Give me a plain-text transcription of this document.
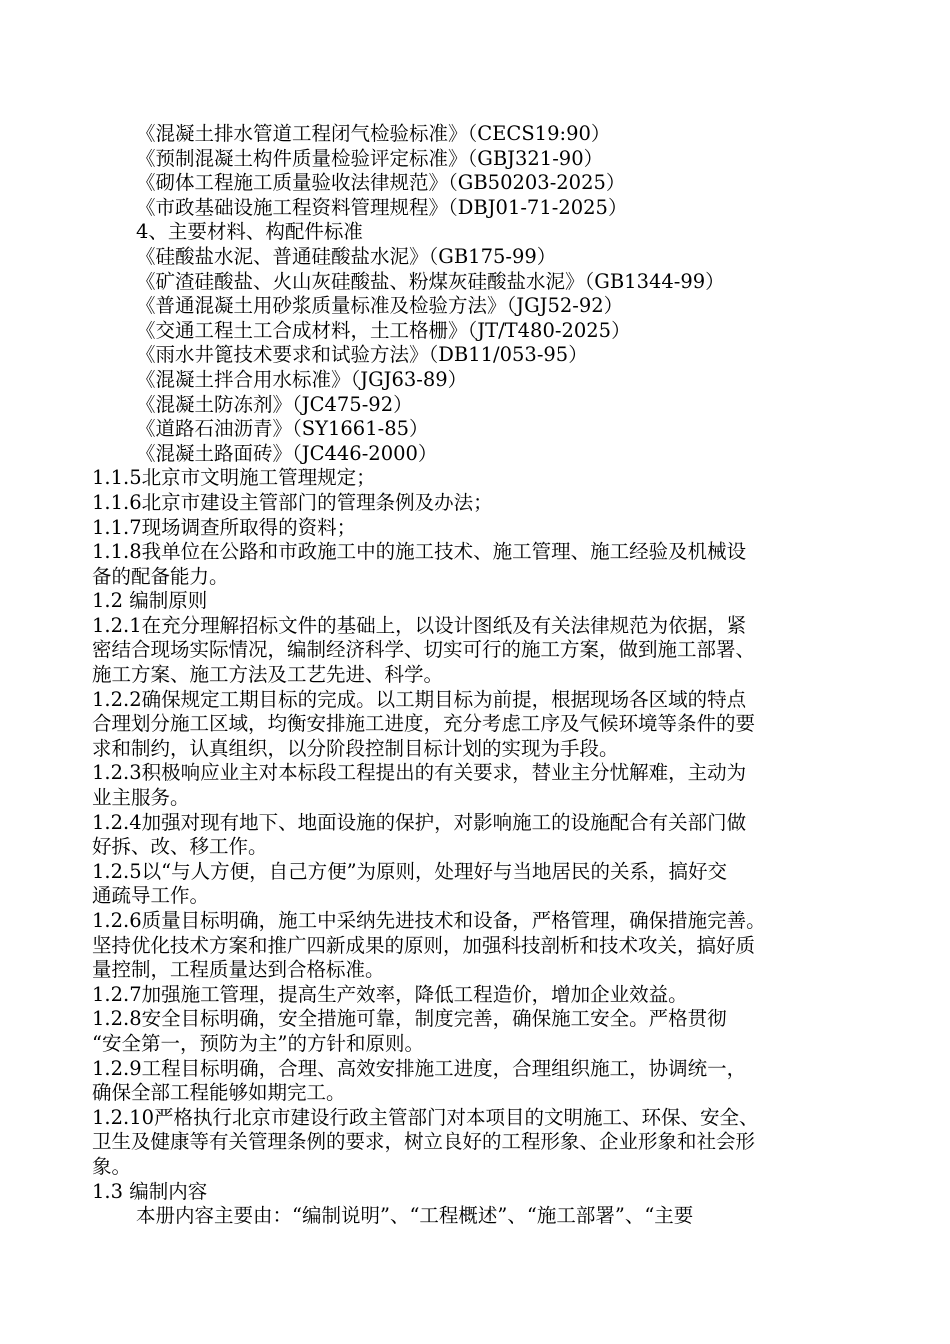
《混凝土排水管道工程闭气检验标准》（CECS19:90）
《预制混凝土构件质量检验评定标准》（GBJ321-90）
《砌体工程施工质量验收法律规范》（GB50203-2025）
《市政基础设施工程资料管理规程》（DBJ01-71-2025）
4、主要材料、构配件标准
《硅酸盐水泥、普通硅酸盐水泥》（GB175-99）
《矿渣硅酸盐、火山灰硅酸盐、粉煤灰硅酸盐水泥》（GB1344-99）
《普通混凝土用砂浆质量标准及检验方法》（JGJ52-92）
《交通工程土工合成材料，土工格栅》（JT/T480-2025）
《雨水井篦技术要求和试验方法》（DB11/053-95）
《混凝土拌合用水标准》（JGJ63-89）
《混凝土防冻剂》（JC475-92）
《道路石油沥青》（SY1661-85）
《混凝土路面砖》（JC446-2000）
1.1.5北京市文明施工管理规定；
1.1.6北京市建设主管部门的管理条例及办法；
1.1.7现场调查所取得的资料；
1.1.8我单位在公路和市政施工中的施工技术、施工管理、施工经验及机械设
备的配备能力。
1.2 编制原则
1.2.1在充分理解招标文件的基础上，以设计图纸及有关法律规范为依据，紧
密结合现场实际情况，编制经济科学、切实可行的施工方案，做到施工部署、
施工方案、施工方法及工艺先进、科学。
1.2.2确保规定工期目标的完成。以工期目标为前提，根据现场各区域的特点
合理划分施工区域，均衡安排施工进度，充分考虑工序及气候环境等条件的要
求和制约，认真组织，以分阶段控制目标计划的实现为手段。
1.2.3积极响应业主对本标段工程提出的有关要求，替业主分忧解难，主动为
业主服务。
1.2.4加强对现有地下、地面设施的保护，对影响施工的设施配合有关部门做
好拆、改、移工作。
1.2.5以“与人方便，自己方便”为原则，处理好与当地居民的关系，搞好交
通疏导工作。
1.2.6质量目标明确，施工中采纳先进技术和设备，严格管理，确保措施完善。
坚持优化技术方案和推广四新成果的原则，加强科技剖析和技术攻关，搞好质
量控制，工程质量达到合格标准。
1.2.7加强施工管理，提高生产效率，降低工程造价，增加企业效益。
1.2.8安全目标明确，安全措施可靠，制度完善，确保施工安全。严格贯彻
“安全第一，预防为主”的方针和原则。
1.2.9工程目标明确，合理、高效安排施工进度，合理组织施工，协调统一，
确保全部工程能够如期完工。
1.2.10严格执行北京市建设行政主管部门对本项目的文明施工、环保、安全、
卫生及健康等有关管理条例的要求，树立良好的工程形象、企业形象和社会形
象。
1.3 编制内容
本册内容主要由：“编制说明”、“工程概述”、“施工部署”、“主要
